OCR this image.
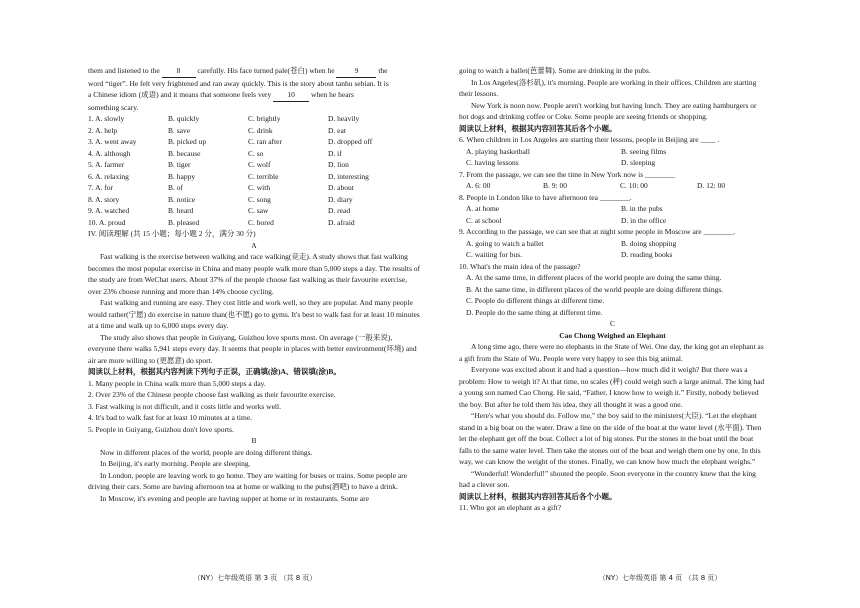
them and listened to the 8 carefully. His face turned pale(苍白) when he 9 the

word “tiger”. He felt very frightened and ran away quickly. This is the story about tanhu sebian. It is

a Chinese idiom (成语) and it means that someone feels very 10 when he hears

something scary.

1. A. slowly	B. quickly	C. brightly	D. heavily
2. A. help	B. save	C. drink	D. eat
3. A. went away	B. picked up	C. ran after	D. dropped off
4. A. although	B. because	C. so	D. if
5. A. farmer	B. tiger	C. wolf	D. lion
6. A. relaxing	B. happy	C. terrible	D. interesting
7. A. for	B. of	C. with	D. about
8. A. story	B. notice	C. song	D. diary
9. A. watched	B. heard	C. saw	D. read
10. A. proud	B. pleased	C. bored	D. afraid

IV. 阅读理解 (共 15 小题；每小题 2 分，满分 30 分)

A

Fast walking is the exercise between walking and race walking(竞走). A study shows that fast walking becomes the most popular exercise in China and many people walk more than 5,000 steps a day. The results of the study are from WeChat users. About 37% of the people choose fast walking as their favourite exercise, over 23% choose running and more than 14% choose cycling.

Fast walking and running are easy. They cost little and work well, so they are popular. And many people would rather(宁愿) do exercise in nature than(也不愿) go to gyms. It's best to walk fast for at least 10 minutes at a time and walk up to 6,000 steps every day.

The study also shows that people in Guiyang, Guizhou love sports most. On average (一般来说), everyone there walks 5,941 steps every day. It seems that people in places with better environment(环境) and air are more willing to (更愿意) do sport.

阅读以上材料，根据其内容判读下列句子正误，正确填(涂)A、错误填(涂)B。

1. Many people in China walk more than 5,000 steps a day.

2. Over 23% of the Chinese people choose fast walking as their favourite exercise.

3. Fast walking is not difficult, and it costs little and works well.

4. It's bad to walk fast for at least 10 minutes at a time.

5. People in Guiyang, Guizhou don't love sports.

B

Now in different places of the world, people are doing different things.

In Beijing, it's early morning. People are sleeping.

In London, people are leaving work to go home. They are waiting for buses or trains. Some people are driving their cars. Some are having afternoon tea at home or walking to the pubs(酒吧) to have a drink.

In Moscow, it's evening and people are having supper at home or in restaurants. Some are

（NY）七年级英语 第 3 页 （共 8 页）

going to watch a ballet(芭蕾舞). Some are drinking in the pubs.

In Los Angeles(洛杉矶), it's morning. People are working in their offices. Children are starting their lessons.

New York is noon now. People aren't working but having lunch. They are eating hamburgers or hot dogs and drinking coffee or Coke. Some people are seeing friends or shopping.

阅读以上材料，根据其内容回答其后各个小题。

6. When children in Los Angeles are starting their lessons, people in Beijing are ____ .

A. playing basketball	B. seeing films
C. having lessons	D. sleeping

7. From the passage, we can see the time in New York now is ________

A. 6: 00	B. 9: 00	C. 10: 00	D. 12: 00

8. People in London like to have afternoon tea ________.

A. at home	B. in the pubs
C. at school	D. in the office

9. According to the passage, we can see that at night some people in Moscow are ________.

A. going to watch a ballet	B. doing shopping
C. waiting for bus.	D. reading books

10. What's the main idea of the passage?

A. At the same time, in different places of the world people are doing the same thing.
B. At the same time, in different places of the world people are doing different things.
C. People do different things at different time.
D. People do the same thing at different time.

C

Cao Chong Weighed an Elephant

A long time ago, there were no elephants in the State of Wei. One day, the king got an elephant as a gift from the State of Wu. People were very happy to see this big animal.

Everyone was excited about it and had a question—how much did it weigh? But there was a problem: How to weigh it? At that time, no scales (秤) could weigh such a large animal. The king had a young son named Cao Chong. He said, “Father, I know how to weigh it.” Firstly, nobody believed the boy. But after he told them his idea, they all thought it was a good one.

“Here's what you should do. Follow me,” the boy said to the ministers(大臣). “Let the elephant stand in a big boat on the water. Draw a line on the side of the boat at the water level (水平面). Then let the elephant get off the boat. Collect a lot of big stones. Put the stones in the boat until the boat falls to the same water level. Then take the stones out of the boat and weigh them one by one. In this way, we can know the weight of the stones. Finally, we can know how much the elephant weighs.”

“Wonderful! Wonderful!” shouted the people. Soon everyone in the country knew that the king had a clever son.

阅读以上材料，根据其内容回答其后各个小题。

11. Who got an elephant as a gift?

（NY）七年级英语 第 4 页 （共 8 页）
